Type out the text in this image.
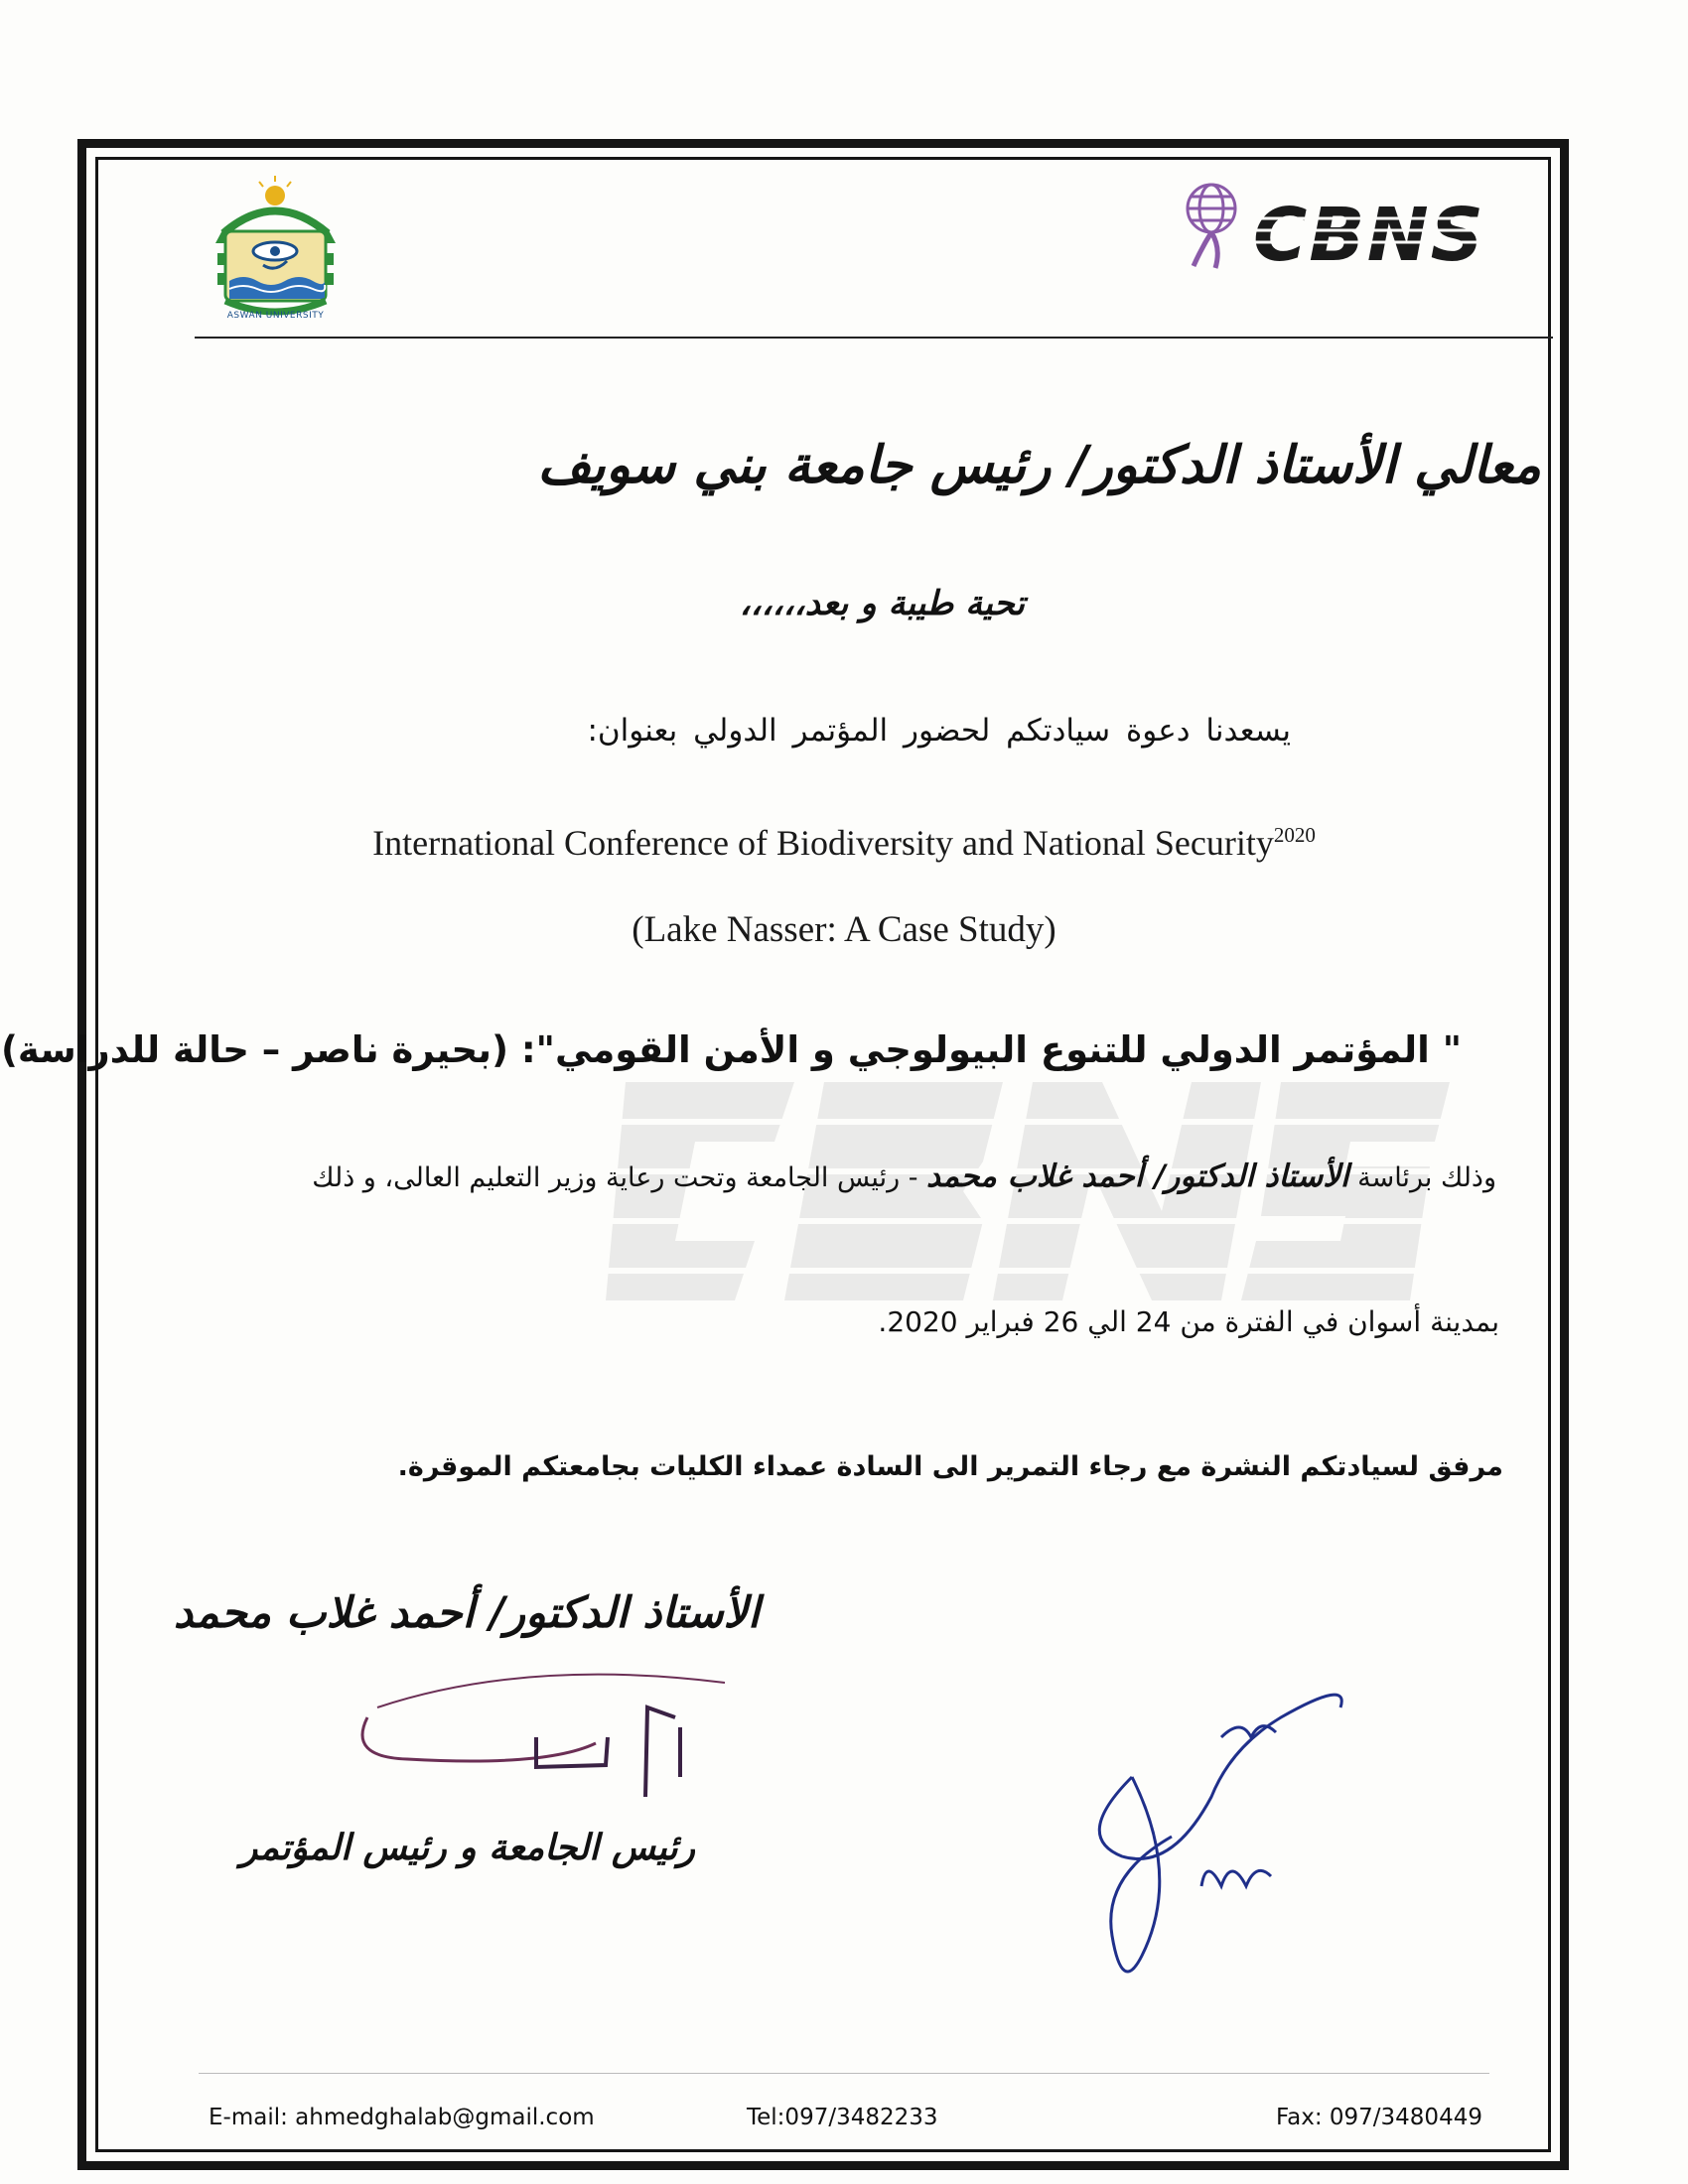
ASWAN UNIVERSITY
CBNS
معالي الأستاذ الدكتور/ رئيس جامعة بني سويف
تحية طيبة و بعد،،،،،،
يسعدنا دعوة سيادتكم لحضور المؤتمر الدولي بعنوان:
International Conference of Biodiversity and National Security$^{2020}$
(Lake Nasser: A Case Study)
" المؤتمر الدولي للتنوع البيولوجي و الأمن القومي": (بحيرة ناصر – حالة للدراسة)
وذلك برئاسة الأستاذ الدكتور/ أحمد غلاب محمد - رئيس الجامعة وتحت رعاية وزير التعليم العالى، و ذلك
بمدينة أسوان في الفترة من 24 الي 26 فبراير 2020.
مرفق لسيادتكم النشرة مع رجاء التمرير الى السادة عمداء الكليات بجامعتكم الموقرة.
الأستاذ الدكتور/ أحمد غلاب محمد
رئيس الجامعة و رئيس المؤتمر
E-mail: ahmedghalab@gmail.com	Tel:097/3482233	Fax: 097/3480449
